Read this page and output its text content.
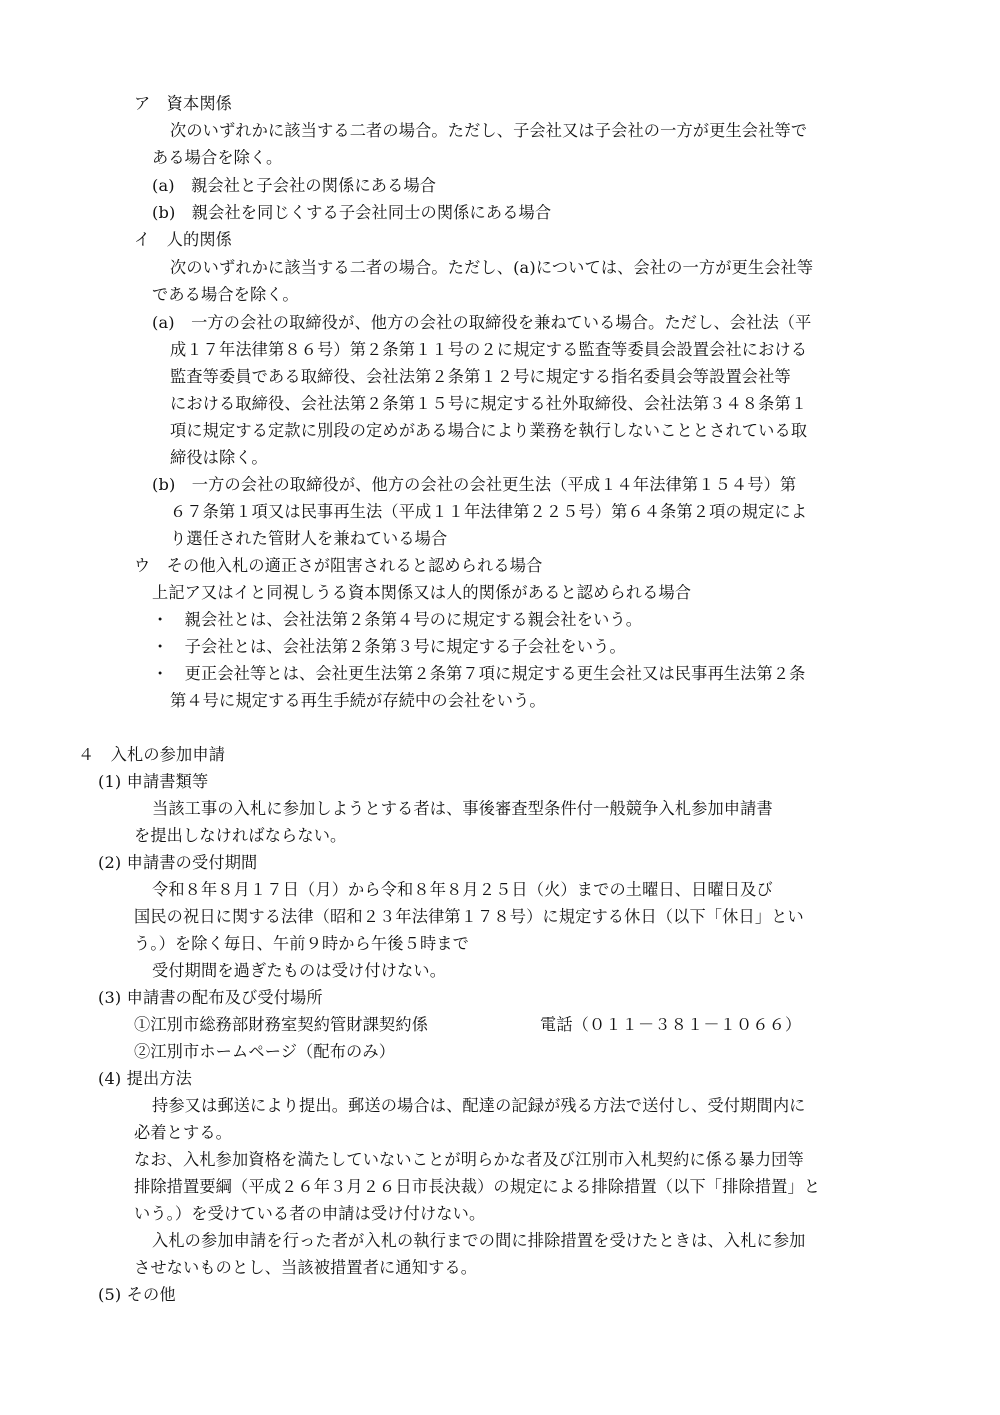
ア　資本関係
次のいずれかに該当する二者の場合。ただし、子会社又は子会社の一方が更生会社等で
ある場合を除く。
(a)　親会社と子会社の関係にある場合
(b)　親会社を同じくする子会社同士の関係にある場合
イ　人的関係
次のいずれかに該当する二者の場合。ただし、(a)については、会社の一方が更生会社等
である場合を除く。
(a)　一方の会社の取締役が、他方の会社の取締役を兼ねている場合。ただし、会社法（平
成１７年法律第８６号）第２条第１１号の２に規定する監査等委員会設置会社における
監査等委員である取締役、会社法第２条第１２号に規定する指名委員会等設置会社等
における取締役、会社法第２条第１５号に規定する社外取締役、会社法第３４８条第１
項に規定する定款に別段の定めがある場合により業務を執行しないこととされている取
締役は除く。
(b)　一方の会社の取締役が、他方の会社の会社更生法（平成１４年法律第１５４号）第
６７条第１項又は民事再生法（平成１１年法律第２２５号）第６４条第２項の規定によ
り選任された管財人を兼ねている場合
ウ　その他入札の適正さが阻害されると認められる場合
上記ア又はイと同視しうる資本関係又は人的関係があると認められる場合
・　親会社とは、会社法第２条第４号のに規定する親会社をいう。
・　子会社とは、会社法第２条第３号に規定する子会社をいう。
・　更正会社等とは、会社更生法第２条第７項に規定する更生会社又は民事再生法第２条
第４号に規定する再生手続が存続中の会社をいう。
４　入札の参加申請
(1) 申請書類等
当該工事の入札に参加しようとする者は、事後審査型条件付一般競争入札参加申請書
を提出しなければならない。
(2) 申請書の受付期間
令和８年８月１７日（月）から令和８年８月２５日（火）までの土曜日、日曜日及び
国民の祝日に関する法律（昭和２３年法律第１７８号）に規定する休日（以下「休日」とい
う。）を除く毎日、午前９時から午後５時まで
受付期間を過ぎたものは受け付けない。
(3) 申請書の配布及び受付場所
①江別市総務部財務室契約管財課契約係	電話（０１１－３８１－１０６６）
②江別市ホームページ（配布のみ）
(4) 提出方法
持参又は郵送により提出。郵送の場合は、配達の記録が残る方法で送付し、受付期間内に
必着とする。
なお、入札参加資格を満たしていないことが明らかな者及び江別市入札契約に係る暴力団等
排除措置要綱（平成２６年３月２６日市長決裁）の規定による排除措置（以下「排除措置」と
いう。）を受けている者の申請は受け付けない。
入札の参加申請を行った者が入札の執行までの間に排除措置を受けたときは、入札に参加
させないものとし、当該被措置者に通知する。
(5) その他
